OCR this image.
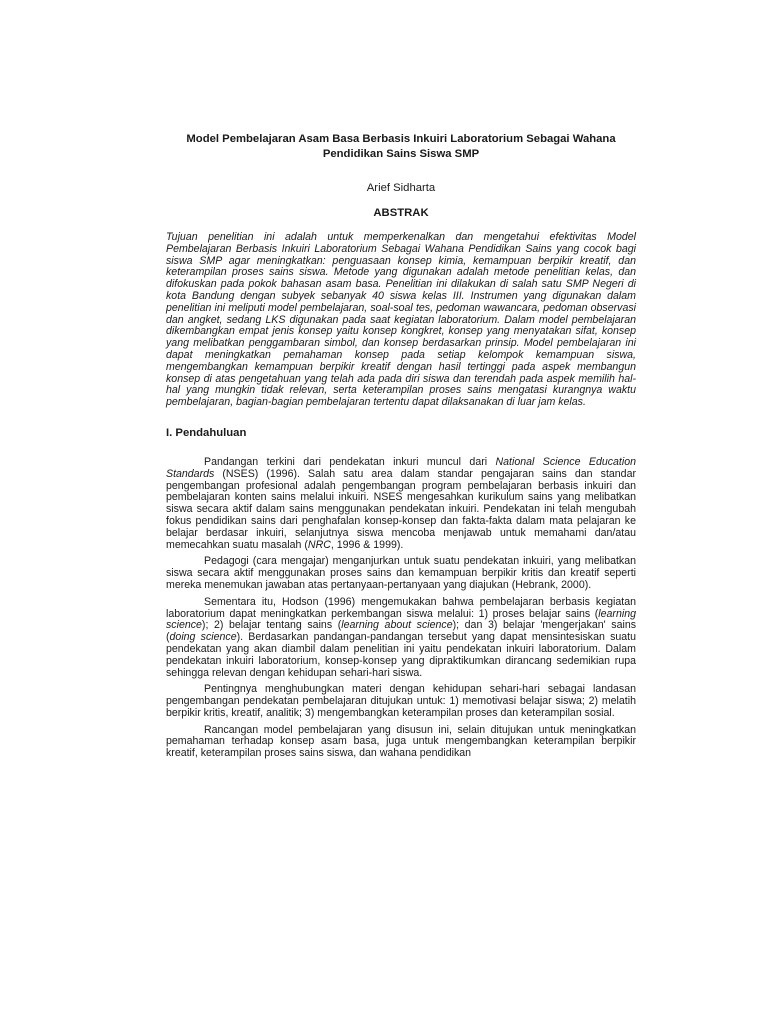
Model Pembelajaran Asam Basa Berbasis Inkuiri Laboratorium Sebagai Wahana Pendidikan Sains Siswa SMP
Arief Sidharta
ABSTRAK
Tujuan penelitian ini adalah untuk memperkenalkan dan mengetahui efektivitas Model Pembelajaran Berbasis Inkuiri Laboratorium Sebagai Wahana Pendidikan Sains yang cocok bagi siswa SMP agar meningkatkan: penguasaan konsep kimia, kemampuan berpikir kreatif, dan keterampilan proses sains siswa. Metode yang digunakan adalah metode penelitian kelas, dan difokuskan pada pokok bahasan asam basa. Penelitian ini dilakukan di salah satu SMP Negeri di kota Bandung dengan subyek sebanyak 40 siswa kelas III. Instrumen yang digunakan dalam penelitian ini meliputi model pembelajaran, soal-soal tes, pedoman wawancara, pedoman observasi dan angket, sedang LKS digunakan pada saat kegiatan laboratorium. Dalam model pembelajaran dikembangkan empat jenis konsep yaitu konsep kongkret, konsep yang menyatakan sifat, konsep yang melibatkan penggambaran simbol, dan konsep berdasarkan prinsip. Model pembelajaran ini dapat meningkatkan pemahaman konsep pada setiap kelompok kemampuan siswa, mengembangkan kemampuan berpikir kreatif dengan hasil tertinggi pada aspek membangun konsep di atas pengetahuan yang telah ada pada diri siswa dan terendah pada aspek memilih hal-hal yang mungkin tidak relevan, serta keterampilan proses sains mengatasi kurangnya waktu pembelajaran, bagian-bagian pembelajaran tertentu dapat dilaksanakan di luar jam kelas.
I. Pendahuluan

Pandangan terkini dari pendekatan inkuri muncul dari National Science Education Standards (NSES) (1996). Salah satu area dalam standar pengajaran sains dan standar pengembangan profesional adalah pengembangan program pembelajaran berbasis inkuiri dan pembelajaran konten sains melalui inkuiri. NSES mengesahkan kurikulum sains yang melibatkan siswa secara aktif dalam sains menggunakan pendekatan inkuiri. Pendekatan ini telah mengubah fokus pendidikan sains dari penghafalan konsep-konsep dan fakta-fakta dalam mata pelajaran ke belajar berdasar inkuiri, selanjutnya siswa mencoba menjawab untuk memahami dan/atau memecahkan suatu masalah (NRC, 1996 & 1999).

Pedagogi (cara mengajar) menganjurkan untuk suatu pendekatan inkuiri, yang melibatkan siswa secara aktif menggunakan proses sains dan kemampuan berpikir kritis dan kreatif seperti mereka menemukan jawaban atas pertanyaan-pertanyaan yang diajukan (Hebrank, 2000).

Sementara itu, Hodson (1996) mengemukakan bahwa pembelajaran berbasis kegiatan laboratorium dapat meningkatkan perkembangan siswa melalui: 1) proses belajar sains (learning science); 2) belajar tentang sains (learning about science); dan 3) belajar 'mengerjakan' sains (doing science). Berdasarkan pandangan-pandangan tersebut yang dapat mensintesiskan suatu pendekatan yang akan diambil dalam penelitian ini yaitu pendekatan inkuiri laboratorium. Dalam pendekatan inkuiri laboratorium, konsep-konsep yang dipraktikumkan dirancang sedemikian rupa sehingga relevan dengan kehidupan sehari-hari siswa.

Pentingnya menghubungkan materi dengan kehidupan sehari-hari sebagai landasan pengembangan pendekatan pembelajaran ditujukan untuk: 1) memotivasi belajar siswa; 2) melatih berpikir kritis, kreatif, analitik; 3) mengembangkan keterampilan proses dan keterampilan sosial.

Rancangan model pembelajaran yang disusun ini, selain ditujukan untuk meningkatkan pemahaman terhadap konsep asam basa, juga untuk mengembangkan keterampilan berpikir kreatif, keterampilan proses sains siswa, dan wahana pendidikan
